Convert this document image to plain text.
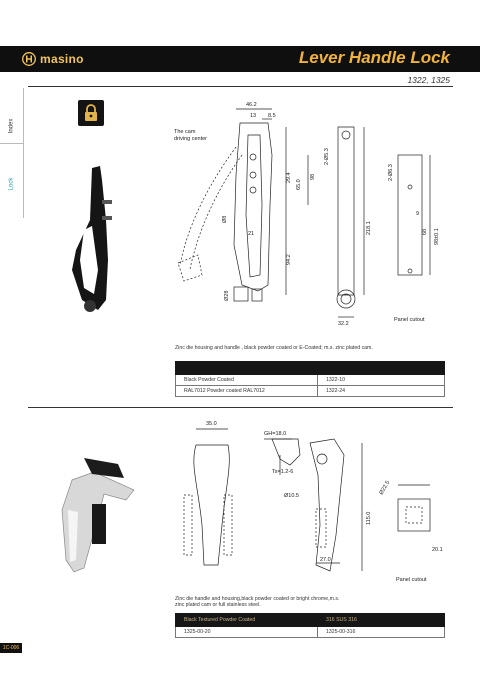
masino	Lever Handle Lock
1322, 1325
Index
Lock
46.2
13 8.5
2-Ø5.3
65.0
29.4	98
Ø8
21
94.2
Ø28
218.1
32.2
2-Ø6.3
9
68 98±0.1
The cam
driving center
Panel cutout
Zinc die housing and handle , black powder coated or E-Coated; m.s. zinc plated cam.

Black Powder Coated	1322-10
RAL7012 Powder coated RAL7012	1322-24
35.0
GH=18.0
Ts=1.2-6
Ø10.5
27.0
115.0
Ø22.5
20.1
Panel cutout
Zinc die handle and housing,black powder coated or bright chrome,m.s.
zinc plated cam or full stainless steel.
Black Textured Powder Coated	316 SUS 316
1325-00-20	1325-00-316
1C-006
